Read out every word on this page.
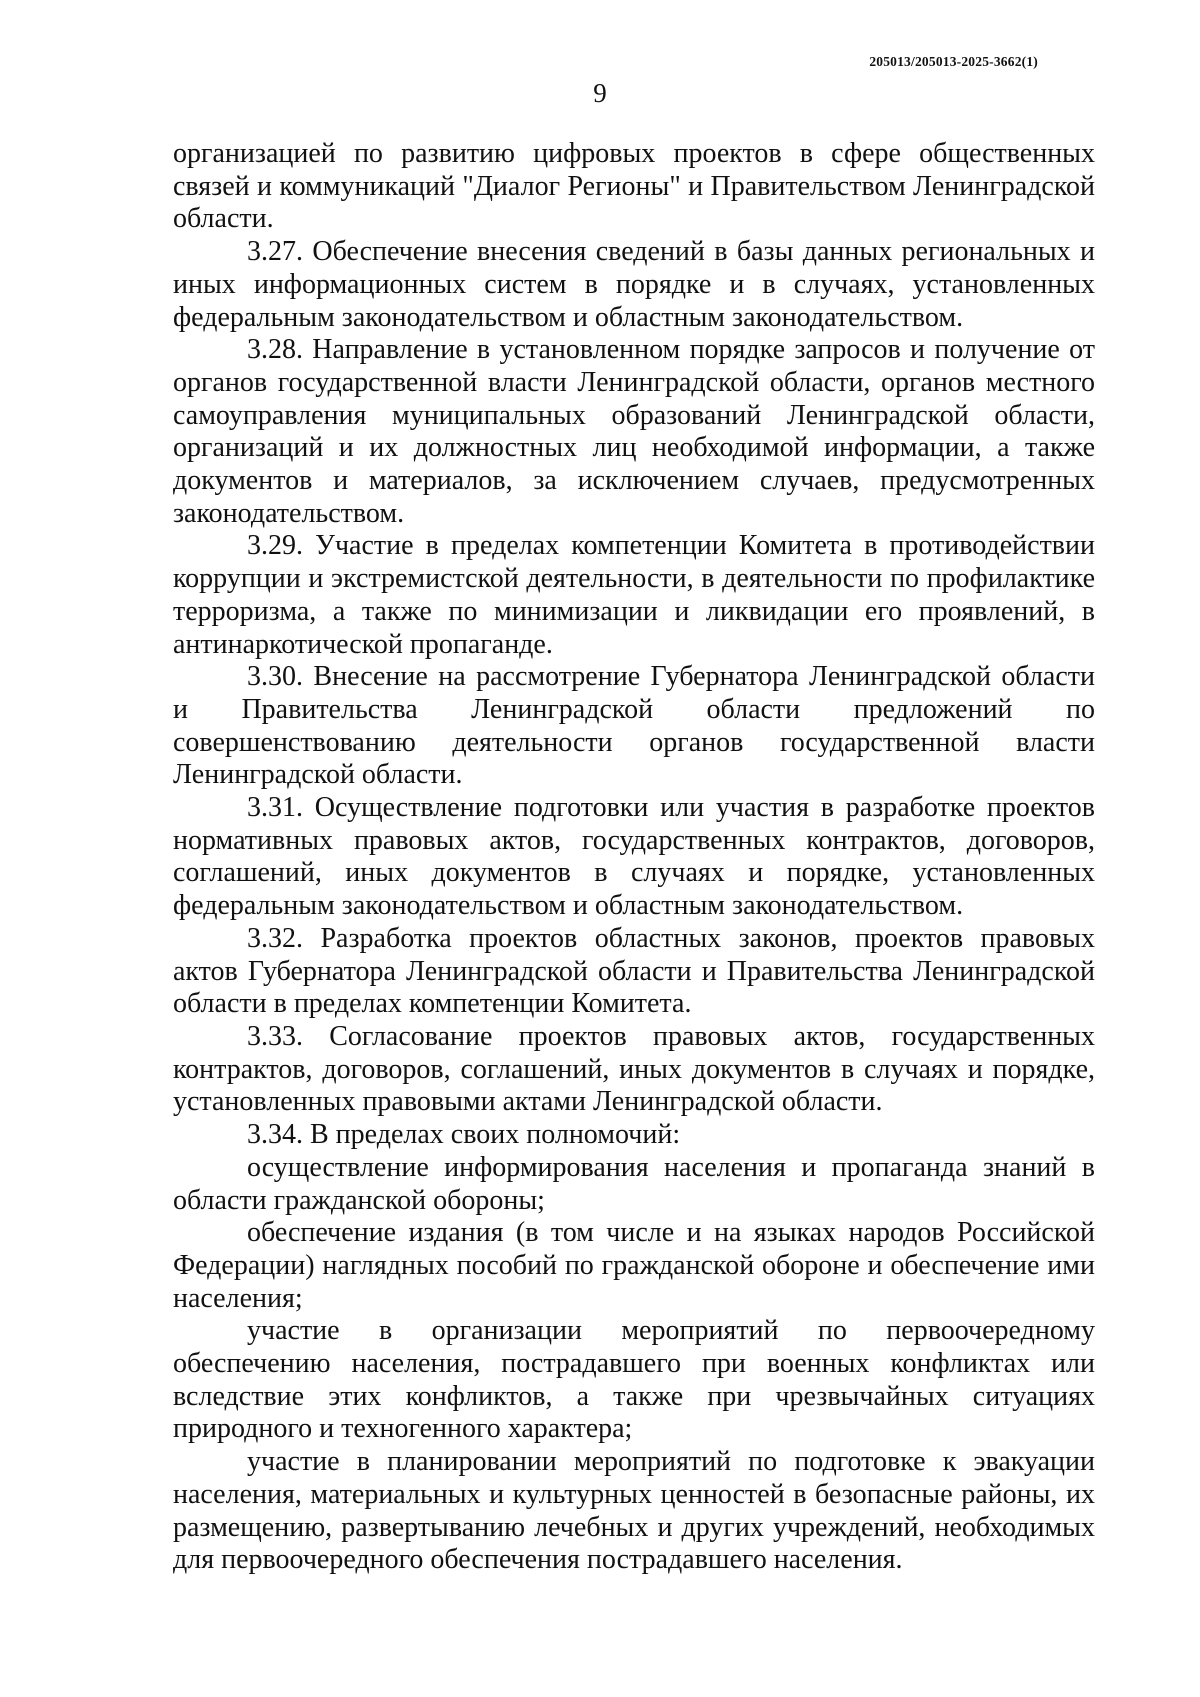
205013/205013-2025-3662(1)
9

организацией по развитию цифровых проектов в сфере общественных связей и коммуникаций "Диалог Регионы" и Правительством Ленинградской области.

3.27. Обеспечение внесения сведений в базы данных региональных и иных информационных систем в порядке и в случаях, установленных федеральным законодательством и областным законодательством.

3.28. Направление в установленном порядке запросов и получение от органов государственной власти Ленинградской области, органов местного самоуправления муниципальных образований Ленинградской области, организаций и их должностных лиц необходимой информации, а также документов и материалов, за исключением случаев, предусмотренных законодательством.

3.29. Участие в пределах компетенции Комитета в противодействии коррупции и экстремистской деятельности, в деятельности по профилактике терроризма, а также по минимизации и ликвидации его проявлений, в антинаркотической пропаганде.

3.30. Внесение на рассмотрение Губернатора Ленинградской области и Правительства Ленинградской области предложений по совершенствованию деятельности органов государственной власти Ленинградской области.

3.31. Осуществление подготовки или участия в разработке проектов нормативных правовых актов, государственных контрактов, договоров, соглашений, иных документов в случаях и порядке, установленных федеральным законодательством и областным законодательством.

3.32. Разработка проектов областных законов, проектов правовых актов Губернатора Ленинградской области и Правительства Ленинградской области в пределах компетенции Комитета.

3.33. Согласование проектов правовых актов, государственных контрактов, договоров, соглашений, иных документов в случаях и порядке, установленных правовыми актами Ленинградской области.

3.34. В пределах своих полномочий:

осуществление информирования населения и пропаганда знаний в области гражданской обороны;

обеспечение издания (в том числе и на языках народов Российской Федерации) наглядных пособий по гражданской обороне и обеспечение ими населения;

участие в организации мероприятий по первоочередному обеспечению населения, пострадавшего при военных конфликтах или вследствие этих конфликтов, а также при чрезвычайных ситуациях природного и техногенного характера;

участие в планировании мероприятий по подготовке к эвакуации населения, материальных и культурных ценностей в безопасные районы, их размещению, развертыванию лечебных и других учреждений, необходимых для первоочередного обеспечения пострадавшего населения.
